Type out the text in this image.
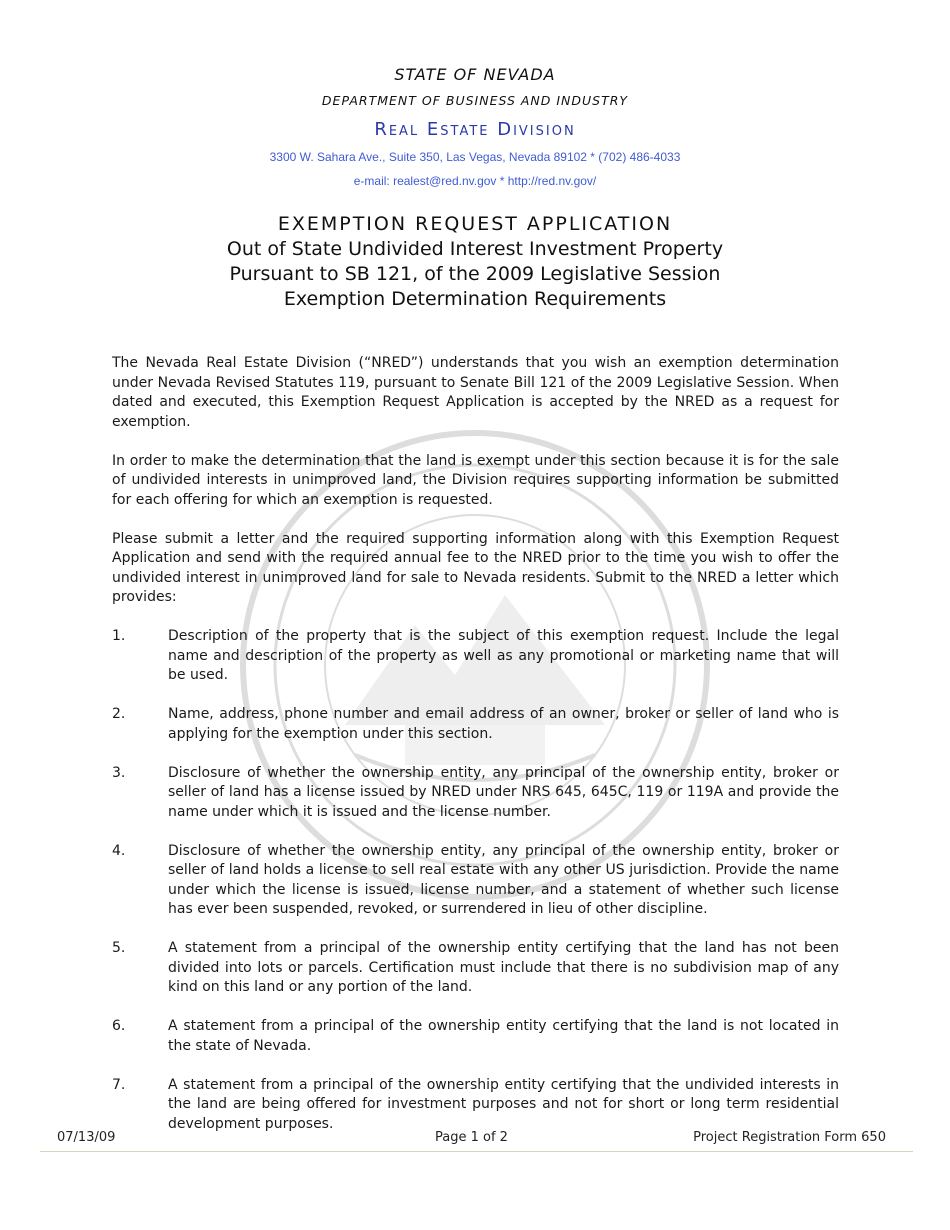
STATE OF NEVADA
DEPARTMENT OF BUSINESS AND INDUSTRY
Real Estate Division
3300 W. Sahara Ave., Suite 350, Las Vegas, Nevada 89102 * (702) 486-4033
e-mail: realest@red.nv.gov * http://red.nv.gov/
EXEMPTION REQUEST APPLICATION
Out of State Undivided Interest Investment Property
Pursuant to SB 121, of the 2009 Legislative Session
Exemption Determination Requirements

The Nevada Real Estate Division (“NRED”) understands that you wish an exemption determination under Nevada Revised Statutes 119, pursuant to Senate Bill 121 of the 2009 Legislative Session. When dated and executed, this Exemption Request Application is accepted by the NRED as a request for exemption.

In order to make the determination that the land is exempt under this section because it is for the sale of undivided interests in unimproved land, the Division requires supporting information be submitted for each offering for which an exemption is requested.

Please submit a letter and the required supporting information along with this Exemption Request Application and send with the required annual fee to the NRED prior to the time you wish to offer the undivided interest in unimproved land for sale to Nevada residents. Submit to the NRED a letter which provides:

1.	Description of the property that is the subject of this exemption request. Include the legal name and description of the property as well as any promotional or marketing name that will be used.
2.	Name, address, phone number and email address of an owner, broker or seller of land who is applying for the exemption under this section.
3.	Disclosure of whether the ownership entity, any principal of the ownership entity, broker or seller of land has a license issued by NRED under NRS 645, 645C, 119 or 119A and provide the name under which it is issued and the license number.
4.	Disclosure of whether the ownership entity, any principal of the ownership entity, broker or seller of land holds a license to sell real estate with any other US jurisdiction. Provide the name under which the license is issued, license number, and a statement of whether such license has ever been suspended, revoked, or surrendered in lieu of other discipline.
5.	A statement from a principal of the ownership entity certifying that the land has not been divided into lots or parcels. Certification must include that there is no subdivision map of any kind on this land or any portion of the land.
6.	A statement from a principal of the ownership entity certifying that the land is not located in the state of Nevada.
7.	A statement from a principal of the ownership entity certifying that the undivided interests in the land are being offered for investment purposes and not for short or long term residential development purposes.
07/13/09	Page 1 of 2	Project Registration Form 650
